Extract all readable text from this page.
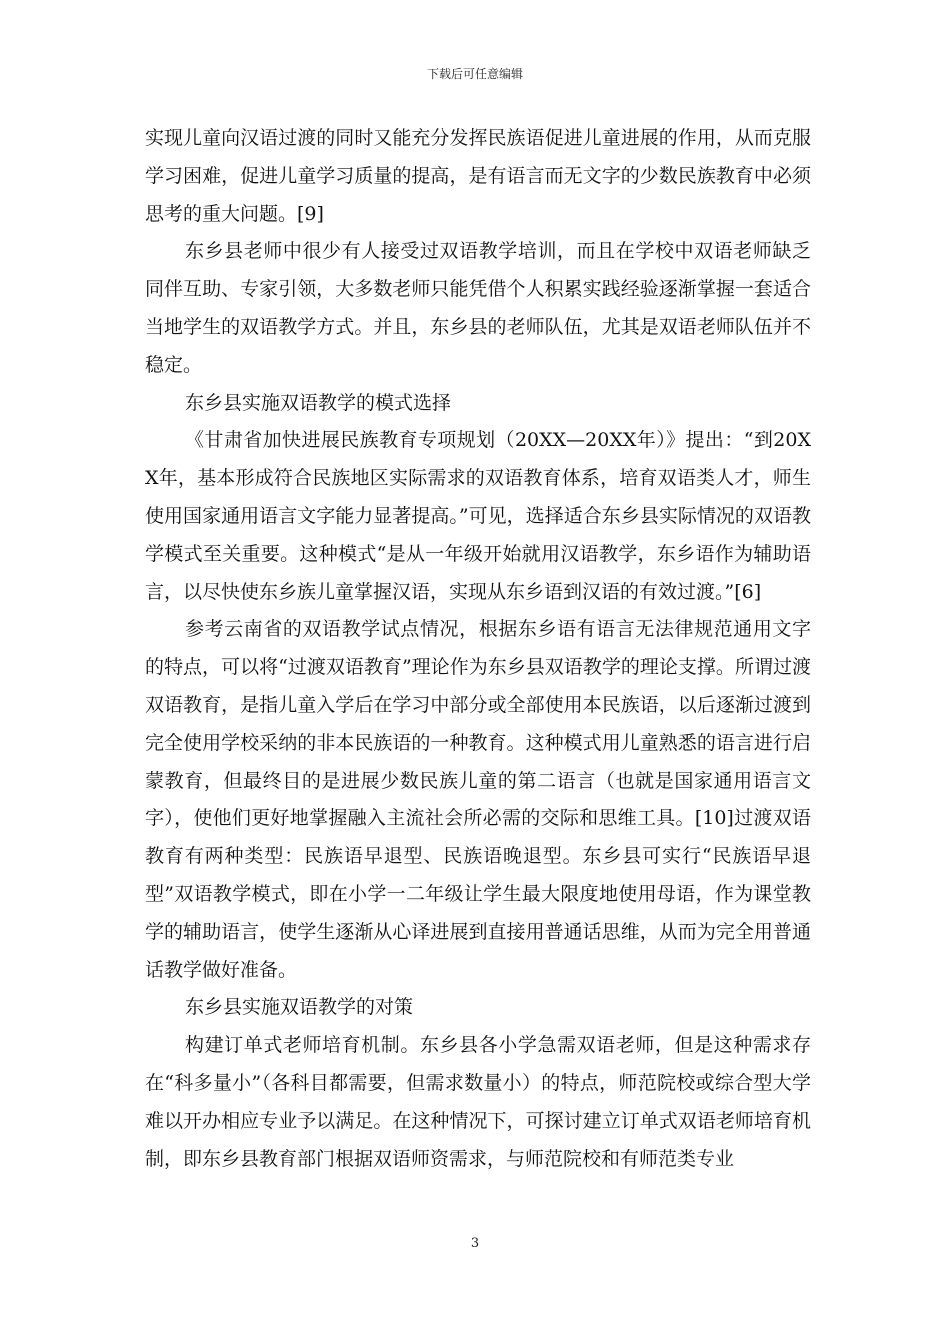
下载后可任意编辑

实现儿童向汉语过渡的同时又能充分发挥民族语促进儿童进展的作用，从而克服学习困难，促进儿童学习质量的提高，是有语言而无文字的少数民族教育中必须思考的重大问题。[9]

东乡县老师中很少有人接受过双语教学培训，而且在学校中双语老师缺乏同伴互助、专家引领，大多数老师只能凭借个人积累实践经验逐渐掌握一套适合当地学生的双语教学方式。并且，东乡县的老师队伍，尤其是双语老师队伍并不稳定。

东乡县实施双语教学的模式选择

《甘肃省加快进展民族教育专项规划（20XX—20XX年）》提出：“到20XX年，基本形成符合民族地区实际需求的双语教育体系，培育双语类人才，师生使用国家通用语言文字能力显著提高。”可见，选择适合东乡县实际情况的双语教学模式至关重要。这种模式“是从一年级开始就用汉语教学，东乡语作为辅助语言，以尽快使东乡族儿童掌握汉语，实现从东乡语到汉语的有效过渡。”[6]

参考云南省的双语教学试点情况，根据东乡语有语言无法律规范通用文字的特点，可以将“过渡双语教育”理论作为东乡县双语教学的理论支撑。所谓过渡双语教育，是指儿童入学后在学习中部分或全部使用本民族语，以后逐渐过渡到完全使用学校采纳的非本民族语的一种教育。这种模式用儿童熟悉的语言进行启蒙教育，但最终目的是进展少数民族儿童的第二语言（也就是国家通用语言文字），使他们更好地掌握融入主流社会所必需的交际和思维工具。[10]过渡双语教育有两种类型：民族语早退型、民族语晚退型。东乡县可实行“民族语早退型”双语教学模式，即在小学一二年级让学生最大限度地使用母语，作为课堂教学的辅助语言，使学生逐渐从心译进展到直接用普通话思维，从而为完全用普通话教学做好准备。

东乡县实施双语教学的对策

构建订单式老师培育机制。东乡县各小学急需双语老师，但是这种需求存在“科多量小”（各科目都需要，但需求数量小）的特点，师范院校或综合型大学难以开办相应专业予以满足。在这种情况下，可探讨建立订单式双语老师培育机制，即东乡县教育部门根据双语师资需求，与师范院校和有师范类专业

3
